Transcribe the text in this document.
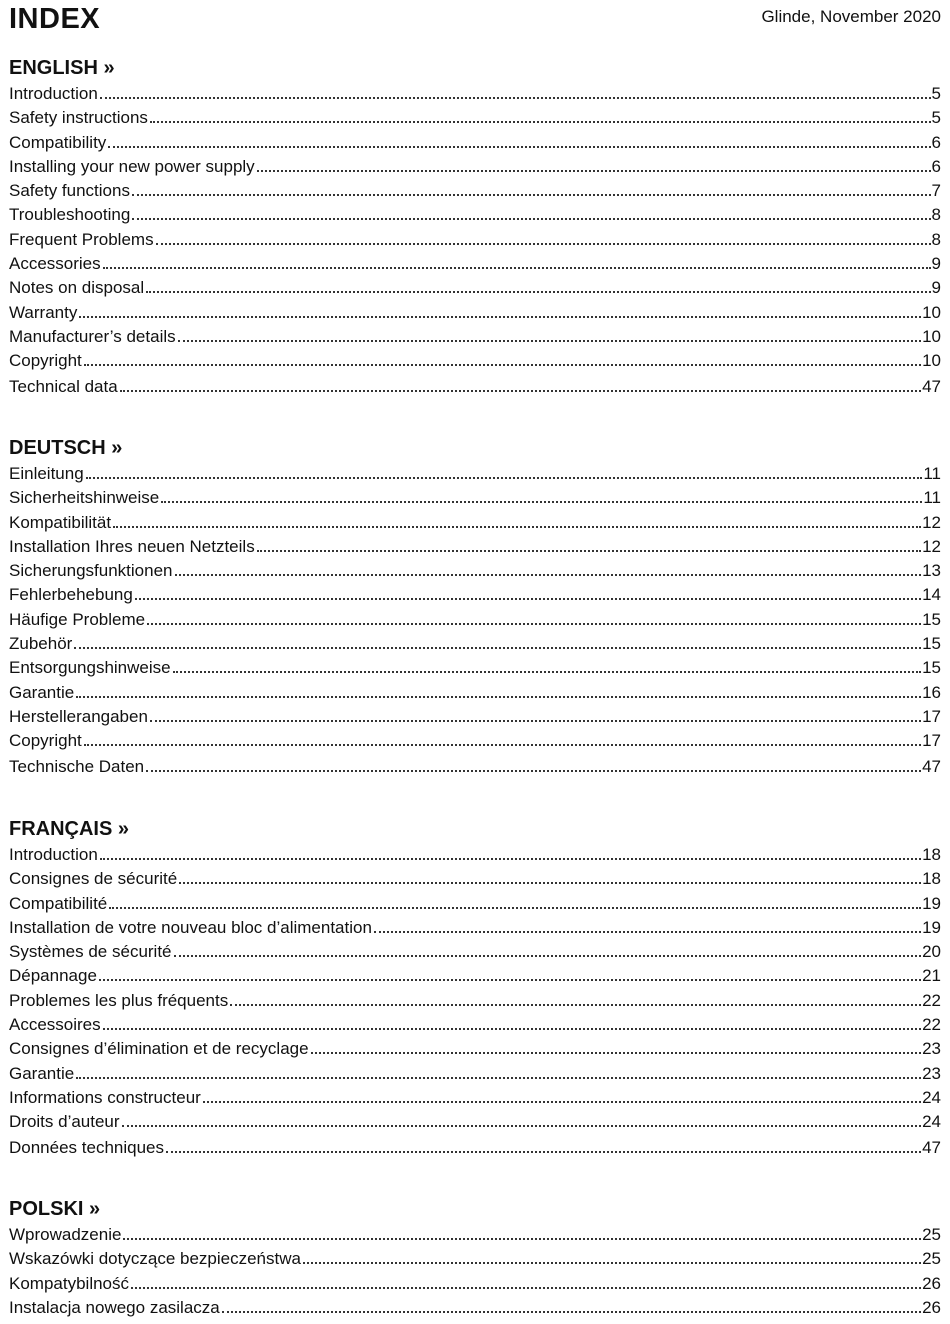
INDEX	Glinde, November 2020
ENGLISH »
Introduction	5
Safety instructions	5
Compatibility	6
Installing your new power supply	6
Safety functions	7
Troubleshooting	8
Frequent Problems	8
Accessories	9
Notes on disposal	9
Warranty	10
Manufacturer’s details	10
Copyright	10
Technical data	47
DEUTSCH »
Einleitung	11
Sicherheitshinweise	11
Kompatibilität	12
Installation Ihres neuen Netzteils	12
Sicherungsfunktionen	13
Fehlerbehebung	14
Häufige Probleme	15
Zubehör	15
Entsorgungshinweise	15
Garantie	16
Herstellerangaben	17
Copyright	17
Technische Daten	47
FRANÇAIS »
Introduction	18
Consignes de sécurité	18
Compatibilité	19
Installation de votre nouveau bloc d’alimentation	19
Systèmes de sécurité	20
Dépannage	21
Problemes les plus fréquents	22
Accessoires	22
Consignes d’élimination et de recyclage	23
Garantie	23
Informations constructeur	24
Droits d’auteur	24
Données techniques	47
POLSKI »
Wprowadzenie	25
Wskazówki dotyczące bezpieczeństwa	25
Kompatybilność	26
Instalacja nowego zasilacza	26
